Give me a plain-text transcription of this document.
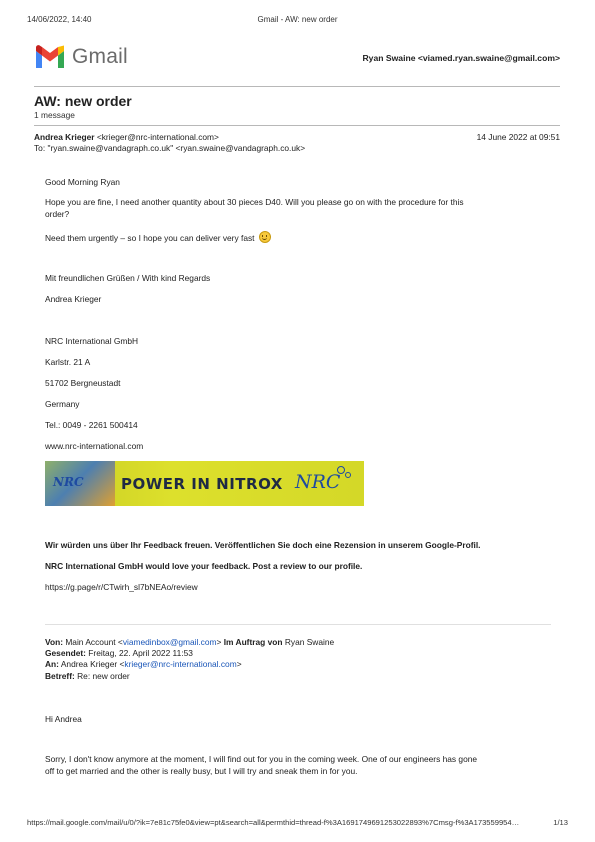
14/06/2022, 14:40	Gmail - AW: new order
Gmail	Ryan Swaine <viamed.ryan.swaine@gmail.com>
AW: new order
1 message
Andrea Krieger <krieger@nrc-international.com>	14 June 2022 at 09:51
To: "ryan.swaine@vandagraph.co.uk" <ryan.swaine@vandagraph.co.uk>
Good Morning Ryan
Hope you are fine, I need another quantity about 30 pieces D40. Will you please go on with the procedure for this
order?
Need them urgently – so I hope you can deliver very fast
Mit freundlichen Grüßen / With kind Regards
Andrea Krieger
NRC International GmbH
Karlstr. 21 A
51702 Bergneustadt
Germany
Tel.: 0049 - 2261 500414
www.nrc-international.com
NRC	POWER IN NITROX NRC
Wir würden uns über Ihr Feedback freuen. Veröffentlichen Sie doch eine Rezension in unserem Google-Profil.
NRC International GmbH would love your feedback. Post a review to our profile.
https://g.page/r/CTwirh_sl7bNEAo/review
Von: Main Account <viamedinbox@gmail.com> Im Auftrag von Ryan Swaine
Gesendet: Freitag, 22. April 2022 11:53
An: Andrea Krieger <krieger@nrc-international.com>
Betreff: Re: new order
Hi Andrea
Sorry, I don't know anymore at the moment, I will find out for you in the coming week. One of our engineers has gone
off to get married and the other is really busy, but I will try and sneak them in for you.
https://mail.google.com/mail/u/0/?ik=7e81c75fe0&view=pt&search=all&permthid=thread-f%3A1691749691253022893%7Cmsg-f%3A173559954…	1/13
